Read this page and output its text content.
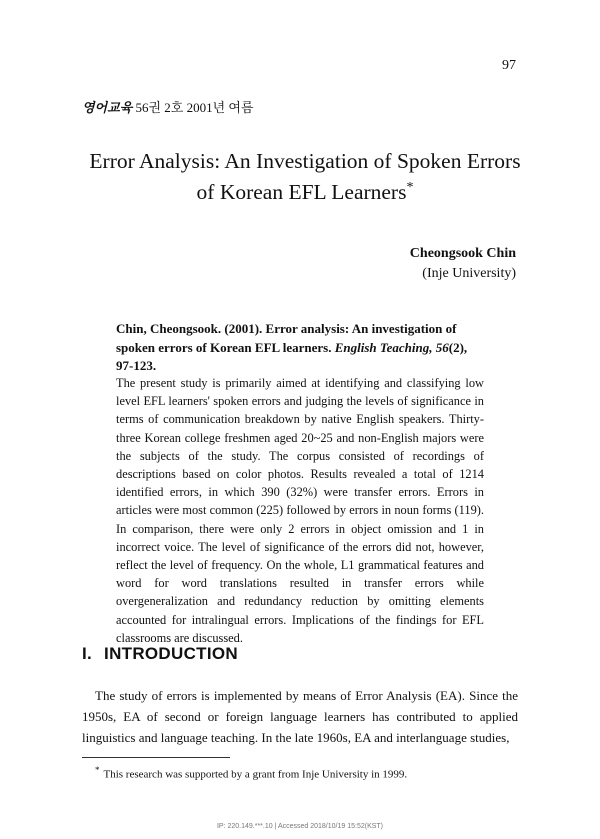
97
영어교육 56권 2호 2001년 여름
Error Analysis: An Investigation of Spoken Errors
of Korean EFL Learners*
Cheongsook Chin
(Inje University)

Chin, Cheongsook. (2001). Error analysis: An investigation of spoken errors of Korean EFL learners. English Teaching, 56(2), 97-123.

The present study is primarily aimed at identifying and classifying low level EFL learners' spoken errors and judging the levels of significance in terms of communication breakdown by native English speakers. Thirty-three Korean college freshmen aged 20~25 and non-English majors were the subjects of the study. The corpus consisted of recordings of descriptions based on color photos. Results revealed a total of 1214 identified errors, in which 390 (32%) were transfer errors. Errors in articles were most common (225) followed by errors in noun forms (119). In comparison, there were only 2 errors in object omission and 1 in incorrect voice. The level of significance of the errors did not, however, reflect the level of frequency. On the whole, L1 grammatical features and word for word translations resulted in transfer errors while overgeneralization and redundancy reduction by omitting elements accounted for intralingual errors. Implications of the findings for EFL classrooms are discussed.

I. INTRODUCTION

The study of errors is implemented by means of Error Analysis (EA). Since the 1950s, EA of second or foreign language learners has contributed to applied linguistics and language teaching. In the late 1960s, EA and interlanguage studies,

* This research was supported by a grant from Inje University in 1999.

IP: 220.149.***.10 | Accessed 2018/10/19 15:52(KST)
